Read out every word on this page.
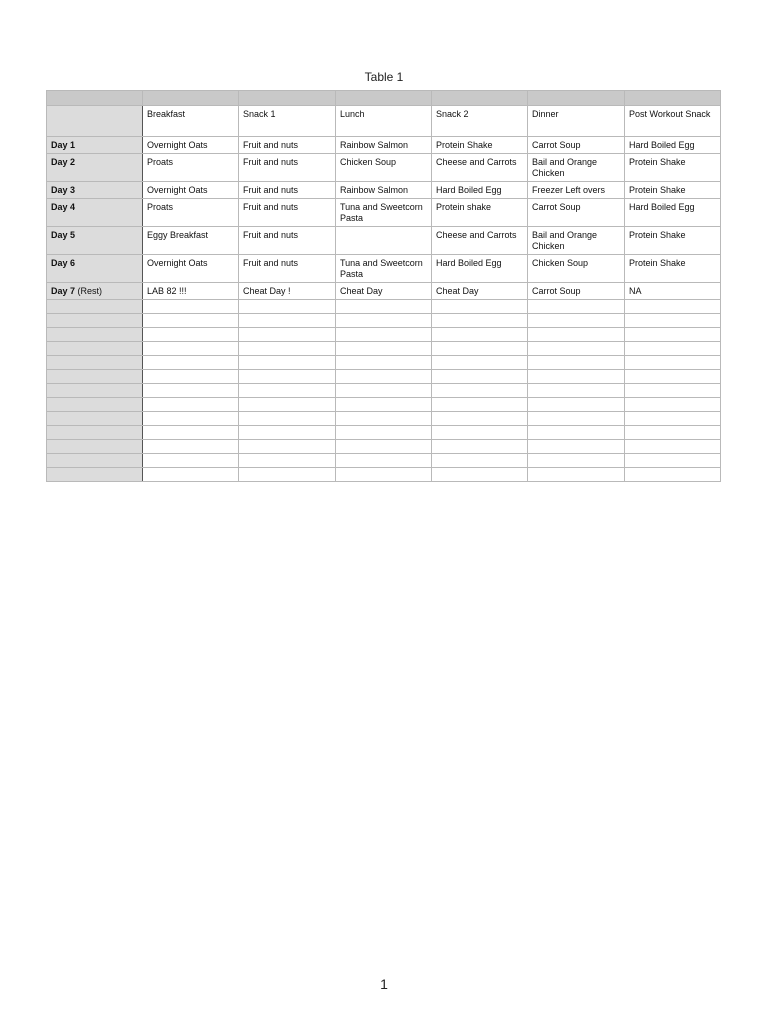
Table 1

	Breakfast	Snack 1	Lunch	Snack 2	Dinner	Post Workout Snack
Day 1	Overnight Oats	Fruit and nuts	Rainbow Salmon	Protein Shake	Carrot Soup	Hard Boiled Egg
Day 2	Proats	Fruit and nuts	Chicken Soup	Cheese and Carrots	Bail and Orange Chicken	Protein Shake
Day 3	Overnight Oats	Fruit and nuts	Rainbow Salmon	Hard Boiled Egg	Freezer Left overs	Protein Shake
Day 4	Proats	Fruit and nuts	Tuna and Sweetcorn Pasta	Protein shake	Carrot Soup	Hard Boiled Egg
Day 5	Eggy Breakfast	Fruit and nuts		Cheese and Carrots	Bail and Orange Chicken	Protein Shake
Day 6	Overnight Oats	Fruit and nuts	Tuna and Sweetcorn Pasta	Hard Boiled Egg	Chicken Soup	Protein Shake
Day 7 (Rest)	LAB 82 !!!	Cheat Day !	Cheat Day	Cheat Day	Carrot Soup	NA

1
